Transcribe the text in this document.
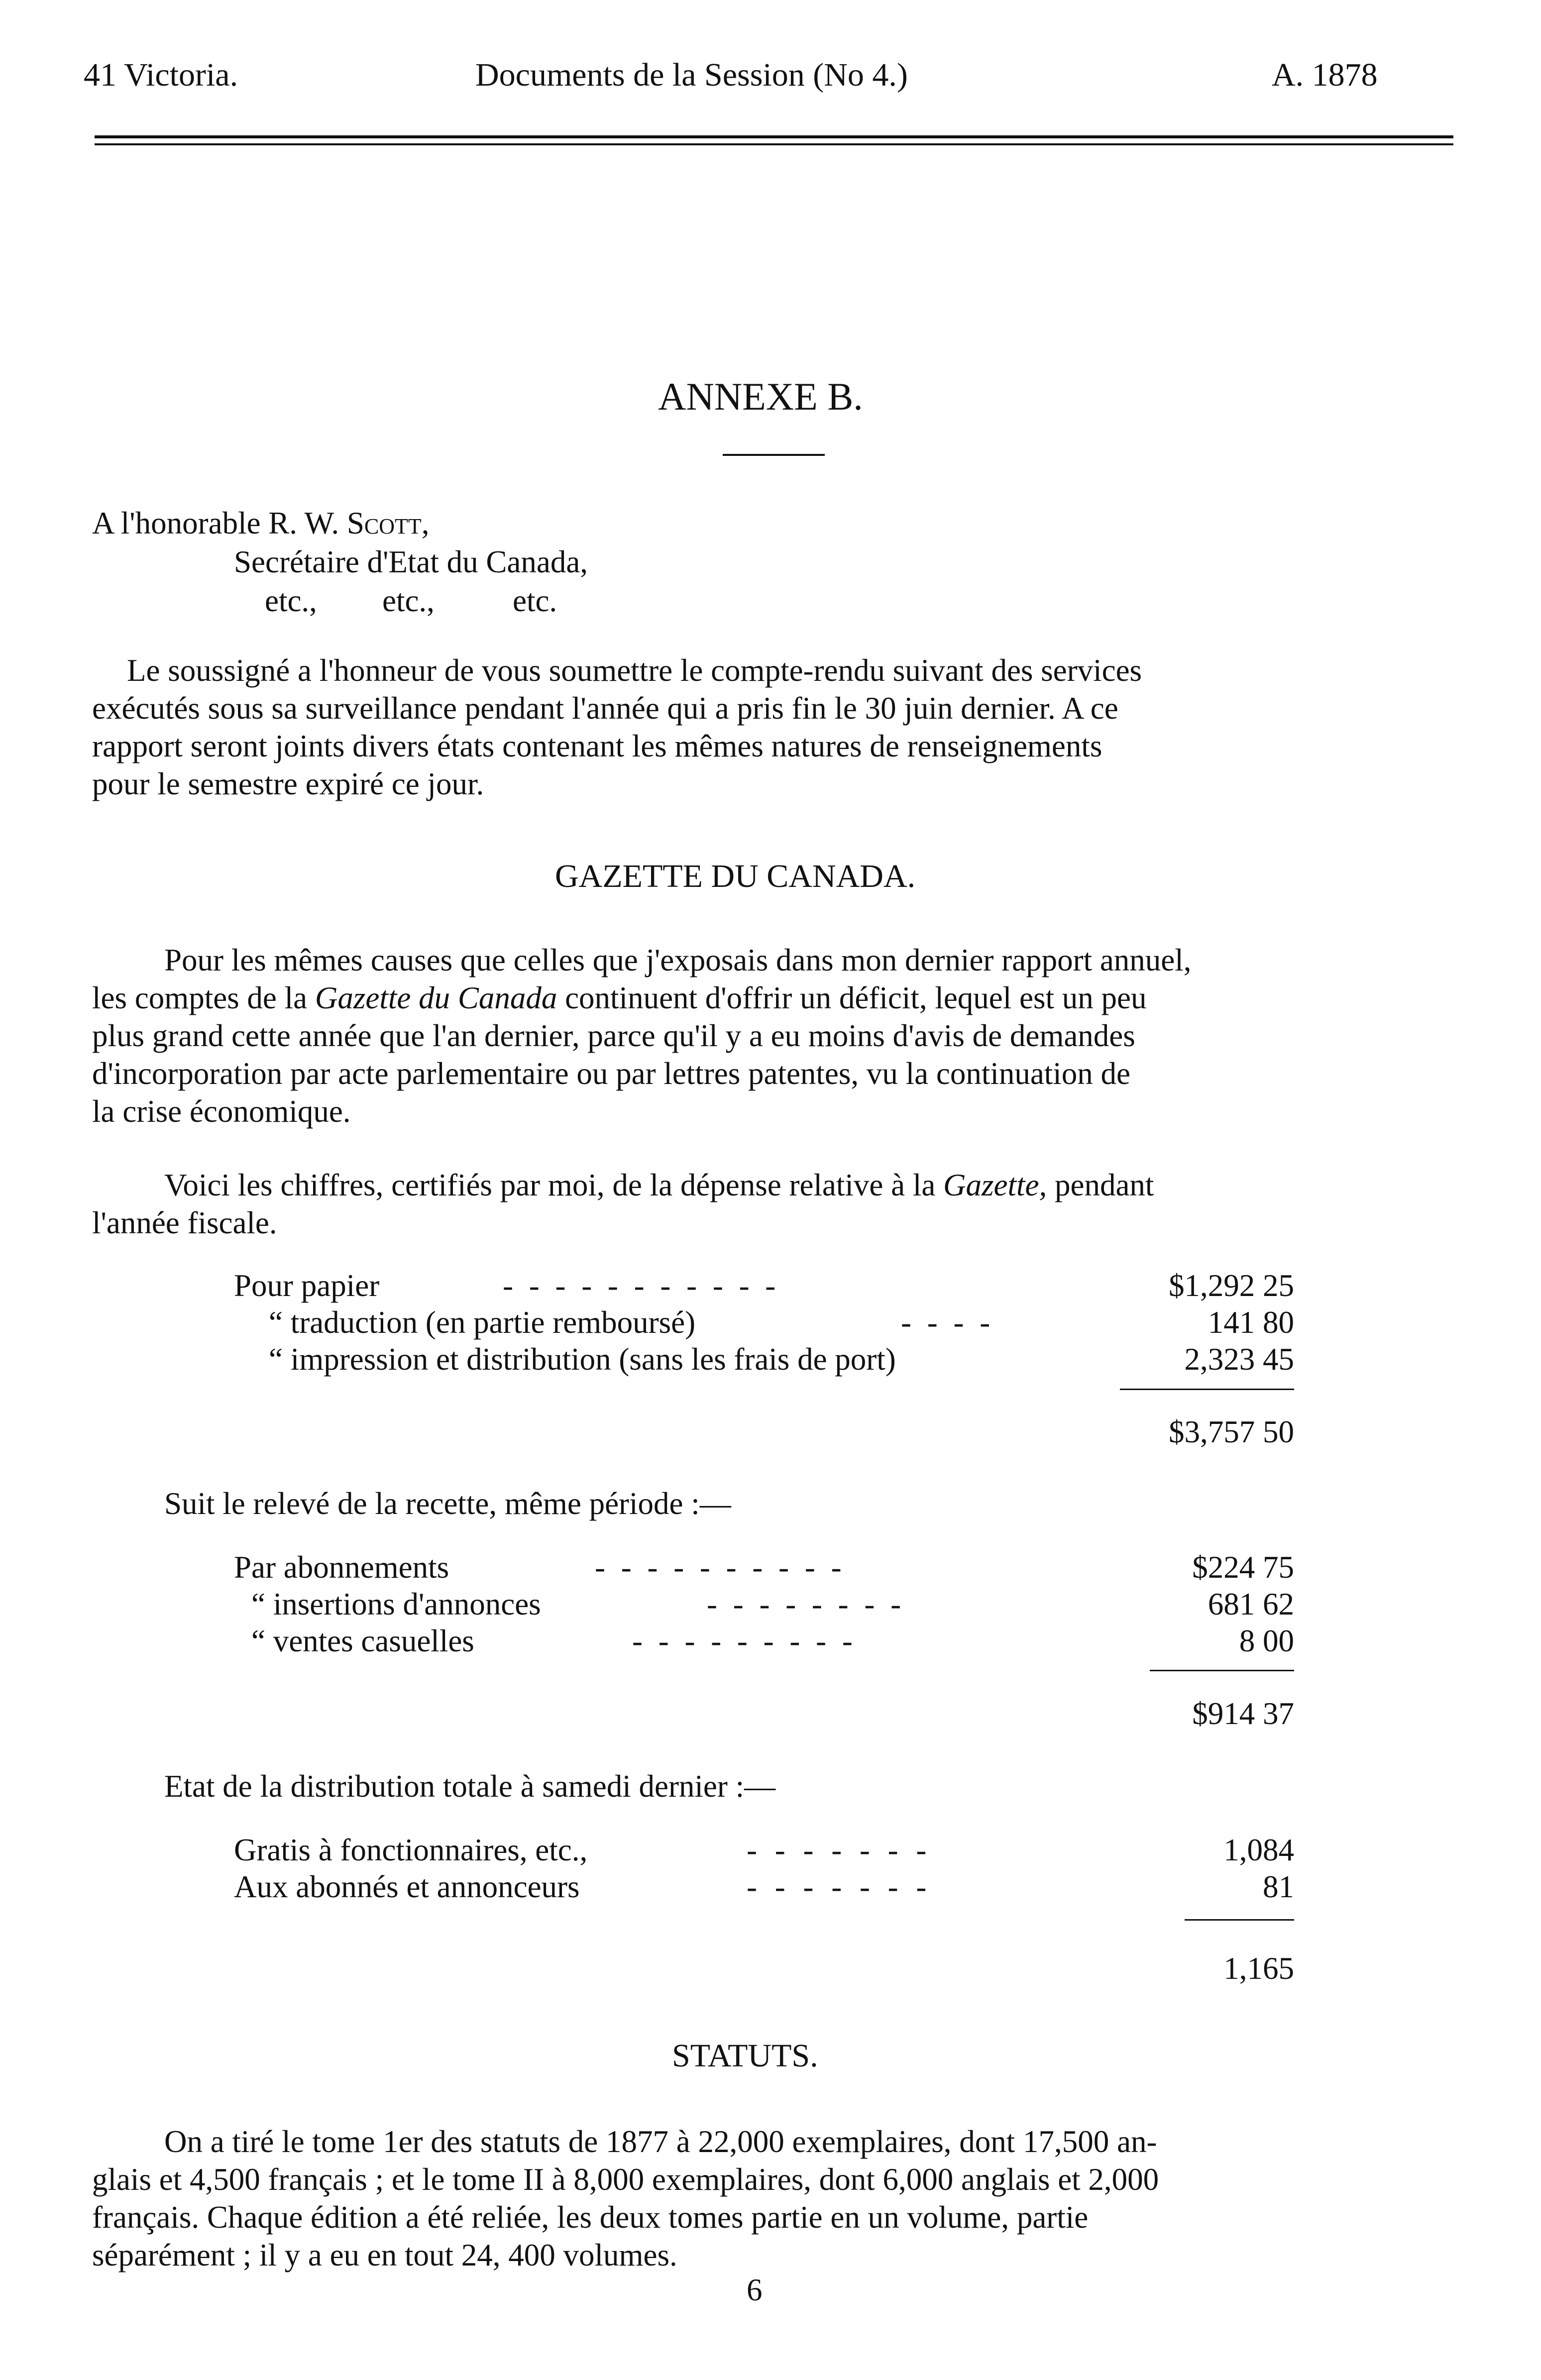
41 Victoria.	Documents de la Session (No 4.)	A. 1878
ANNEXE B.
A l'honorable R. W. Scott,
Secrétaire d'Etat du Canada,
etc., etc., etc.
Le soussigné a l'honneur de vous soumettre le compte-rendu suivant des services
exécutés sous sa surveillance pendant l'année qui a pris fin le 30 juin dernier. A ce
rapport seront joints divers états contenant les mêmes natures de renseignements
pour le semestre expiré ce jour.
GAZETTE DU CANADA.
Pour les mêmes causes que celles que j'exposais dans mon dernier rapport annuel,
les comptes de la Gazette du Canada continuent d'offrir un déficit, lequel est un peu
plus grand cette année que l'an dernier, parce qu'il y a eu moins d'avis de demandes
d'incorporation par acte parlementaire ou par lettres patentes, vu la continuation de
la crise économique.
Voici les chiffres, certifiés par moi, de la dépense relative à la Gazette, pendant
l'année fiscale.
Pour papier	- - - - - - - - - - -	$1,292 25
“ traduction (en partie remboursé)	- - - -	141 80
“ impression et distribution (sans les frais de port)	2,323 45
$3,757 50
Suit le relevé de la recette, même période :—
Par abonnements	- - - - - - - - - -	$224 75
“ insertions d'annonces	- - - - - - - -	681 62
“ ventes casuelles	- - - - - - - - -	8 00
$914 37
Etat de la distribution totale à samedi dernier :—
Gratis à fonctionnaires, etc.,	- - - - - - -	1,084
Aux abonnés et annonceurs	- - - - - - -	81
1,165
STATUTS.
On a tiré le tome 1er des statuts de 1877 à 22,000 exemplaires, dont 17,500 an-
glais et 4,500 français ; et le tome II à 8,000 exemplaires, dont 6,000 anglais et 2,000
français. Chaque édition a été reliée, les deux tomes partie en un volume, partie
séparément ; il y a eu en tout 24, 400 volumes.
6
